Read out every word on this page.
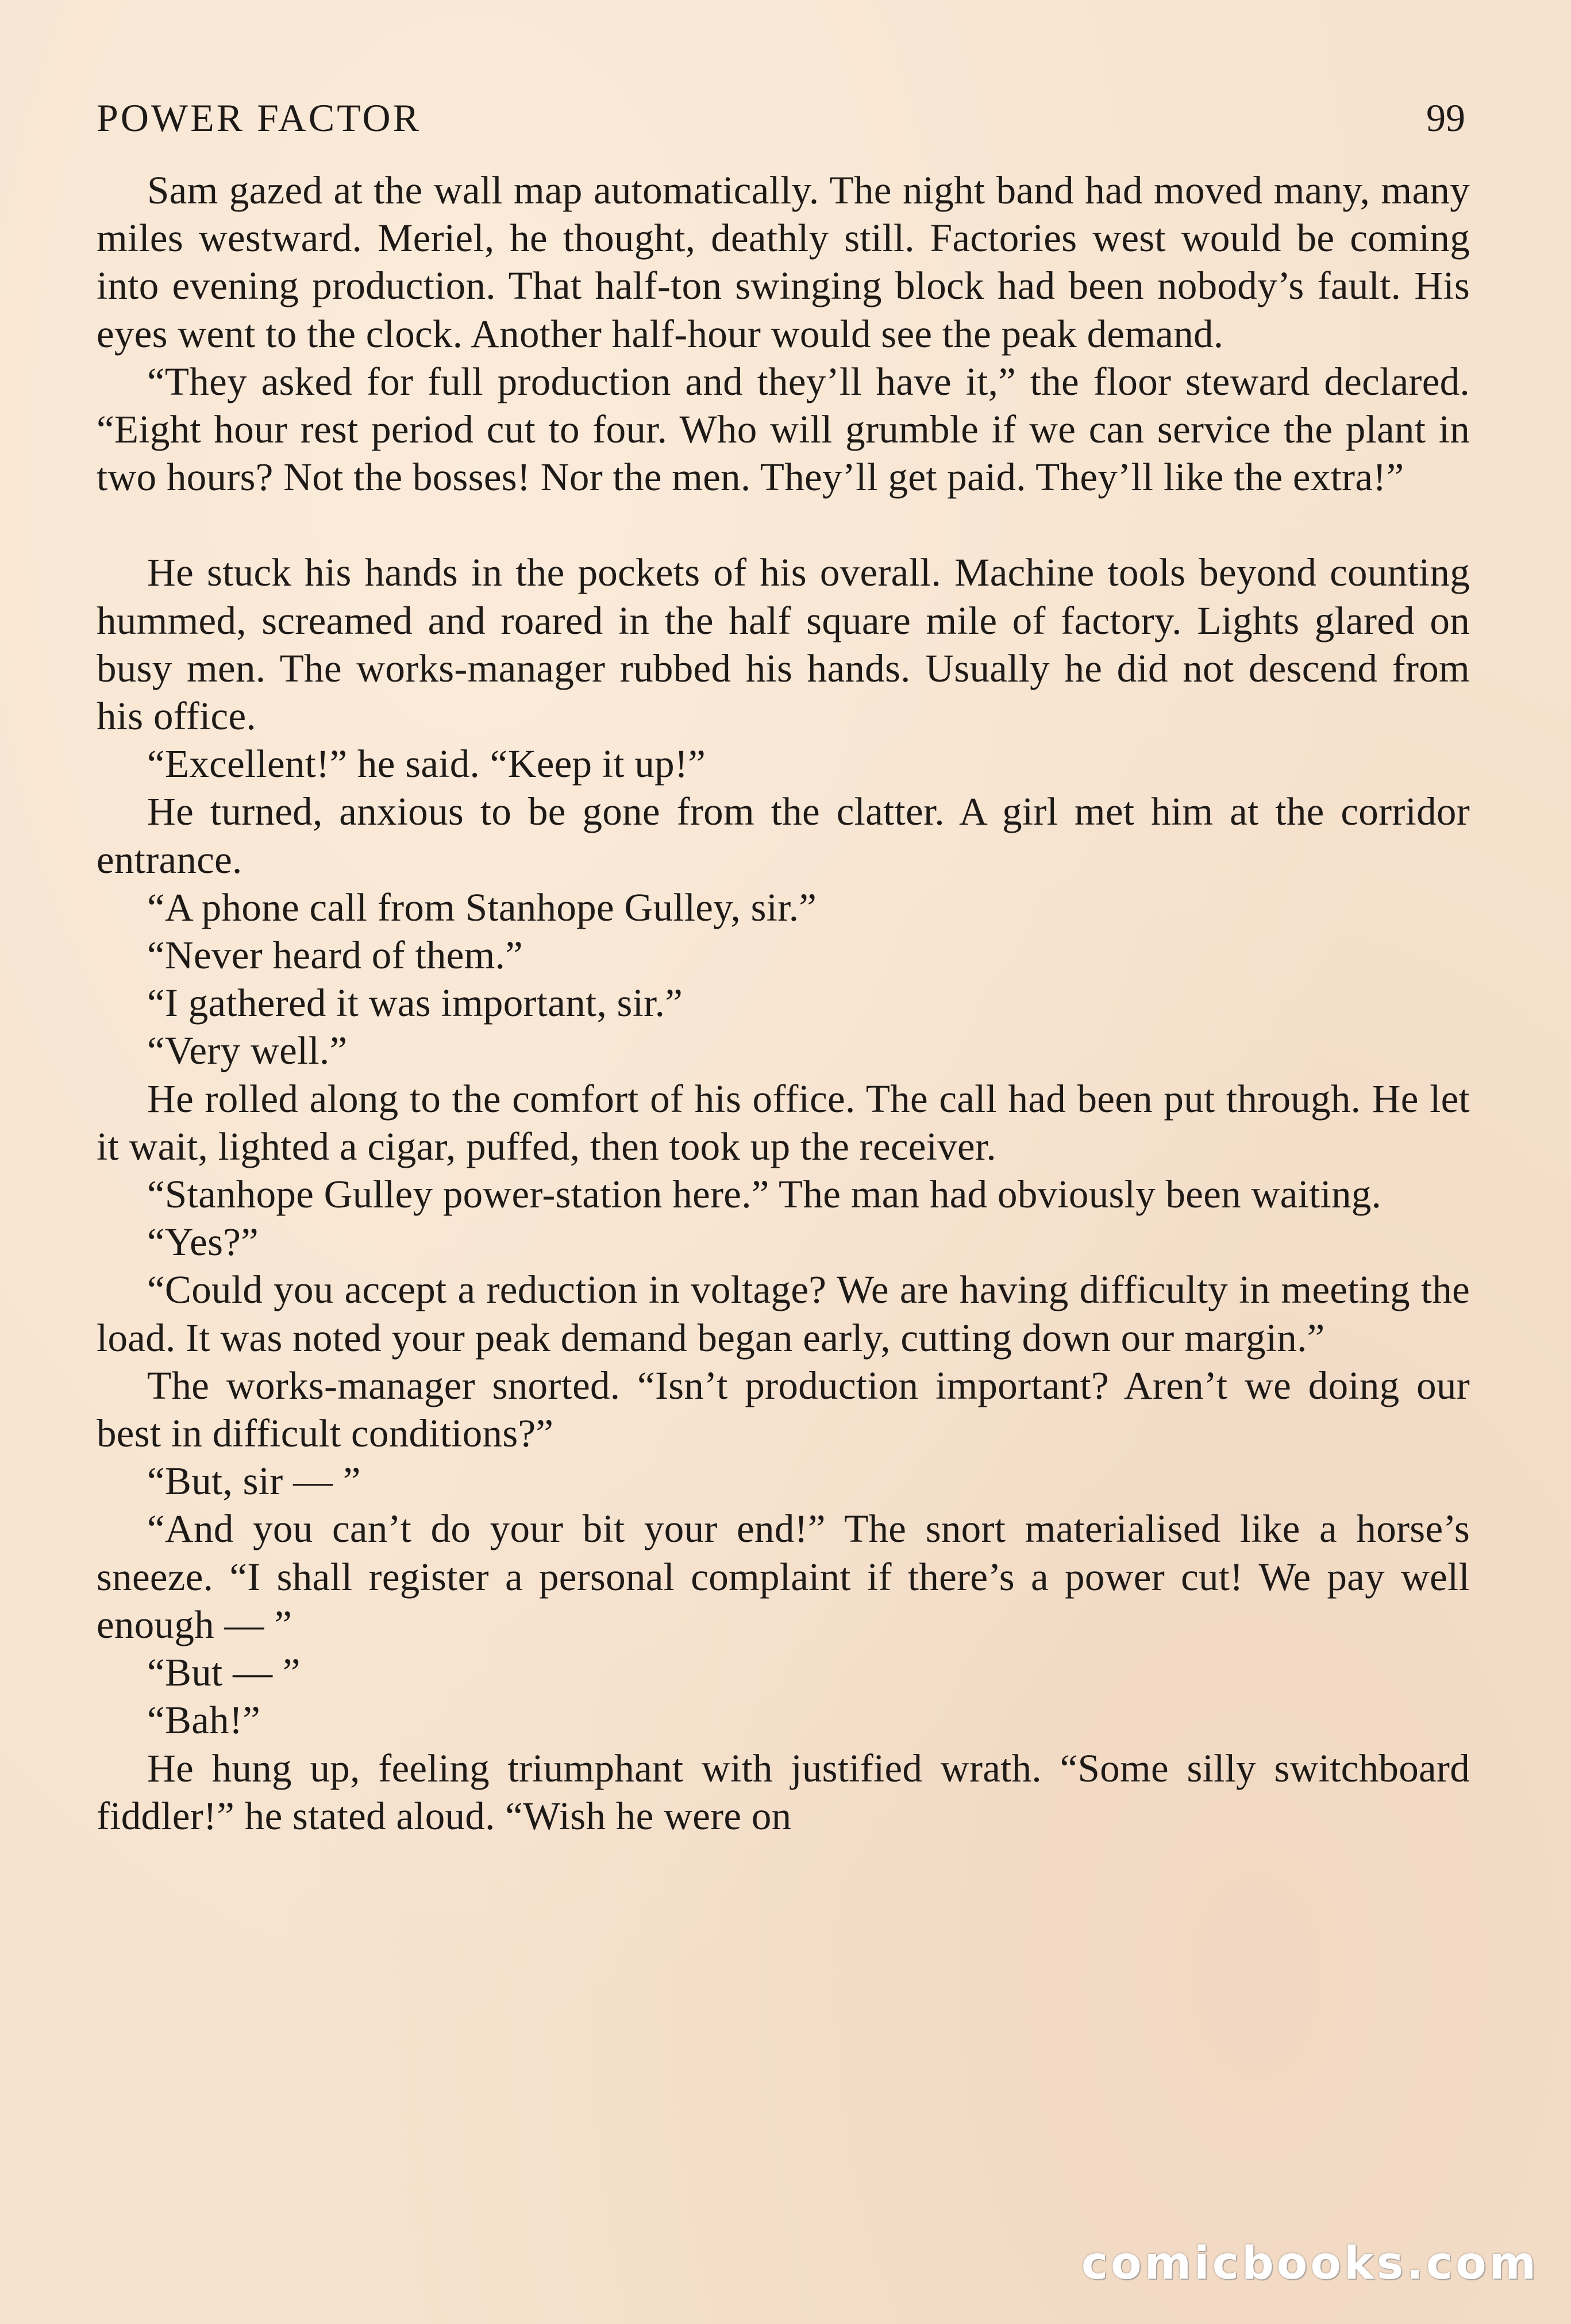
POWER FACTOR	99

Sam gazed at the wall map automatically. The night band had moved many, many miles westward. Meriel, he thought, deathly still. Factories west would be coming into evening production. That half-ton swinging block had been nobody’s fault. His eyes went to the clock. Another half-hour would see the peak demand.

“They asked for full production and they’ll have it,” the floor steward declared. “Eight hour rest period cut to four. Who will grumble if we can service the plant in two hours? Not the bosses! Nor the men. They’ll get paid. They’ll like the extra!”

He stuck his hands in the pockets of his overall. Machine tools beyond counting hummed, screamed and roared in the half square mile of factory. Lights glared on busy men. The works-manager rubbed his hands. Usually he did not descend from his office.

“Excellent!” he said. “Keep it up!”

He turned, anxious to be gone from the clatter. A girl met him at the corridor entrance.

“A phone call from Stanhope Gulley, sir.”

“Never heard of them.”

“I gathered it was important, sir.”

“Very well.”

He rolled along to the comfort of his office. The call had been put through. He let it wait, lighted a cigar, puffed, then took up the receiver.

“Stanhope Gulley power-station here.” The man had obviously been waiting.

“Yes?”

“Could you accept a reduction in voltage? We are having difficulty in meeting the load. It was noted your peak demand began early, cutting down our margin.”

The works-manager snorted. “Isn’t production important? Aren’t we doing our best in difficult conditions?”

“But, sir — ”

“And you can’t do your bit your end!” The snort materialised like a horse’s sneeze. “I shall register a personal complaint if there’s a power cut! We pay well enough — ”

“But — ”

“Bah!”

He hung up, feeling triumphant with justified wrath. “Some silly switchboard fiddler!” he stated aloud. “Wish he were on

comicbooks.com
